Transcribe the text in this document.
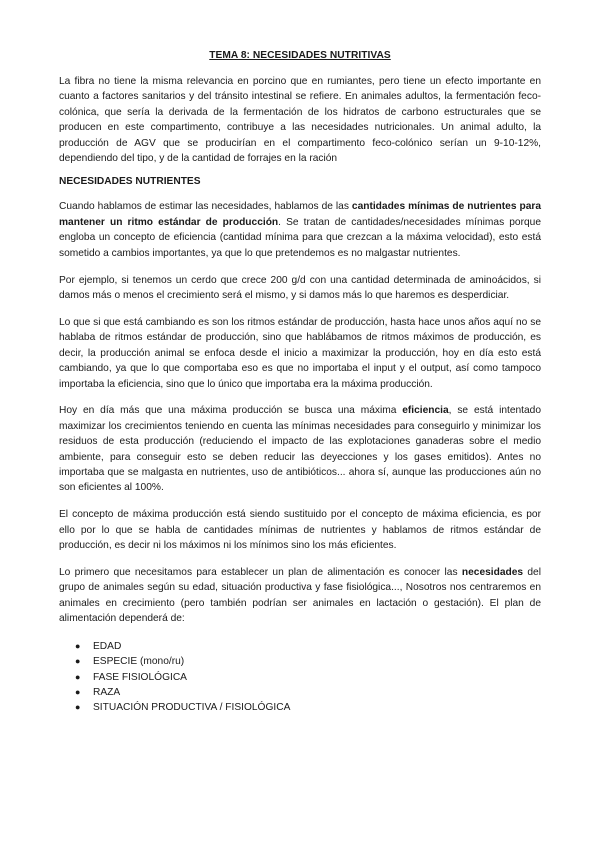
TEMA 8: NECESIDADES NUTRITIVAS

La fibra no tiene la misma relevancia en porcino que en rumiantes, pero tiene un efecto importante en cuanto a factores sanitarios y del tránsito intestinal se refiere. En animales adultos, la fermentación feco-colónica, que sería la derivada de la fermentación de los hidratos de carbono estructurales que se producen en este compartimento, contribuye a las necesidades nutricionales. Un animal adulto, la producción de AGV que se producirían en el compartimento feco-colónico serían un 9-10-12%, dependiendo del tipo, y de la cantidad de forrajes en la ración

NECESIDADES NUTRIENTES

Cuando hablamos de estimar las necesidades, hablamos de las cantidades mínimas de nutrientes para mantener un ritmo estándar de producción. Se tratan de cantidades/necesidades mínimas porque engloba un concepto de eficiencia (cantidad mínima para que crezcan a la máxima velocidad), esto está sometido a cambios importantes, ya que lo que pretendemos es no malgastar nutrientes.

Por ejemplo, si tenemos un cerdo que crece 200 g/d con una cantidad determinada de aminoácidos, si damos más o menos el crecimiento será el mismo, y si damos más lo que haremos es desperdiciar.

Lo que si que está cambiando es son los ritmos estándar de producción, hasta hace unos años aquí no se hablaba de ritmos estándar de producción, sino que hablábamos de ritmos máximos de producción, es decir, la producción animal se enfoca desde el inicio a maximizar la producción, hoy en día esto está cambiando, ya que lo que comportaba eso es que no importaba el input y el output, así como tampoco importaba la eficiencia, sino que lo único que importaba era la máxima producción.

Hoy en día más que una máxima producción se busca una máxima eficiencia, se está intentado maximizar los crecimientos teniendo en cuenta las mínimas necesidades para conseguirlo y minimizar los residuos de esta producción (reduciendo el impacto de las explotaciones ganaderas sobre el medio ambiente, para conseguir esto se deben reducir las deyecciones y los gases emitidos). Antes no importaba que se malgasta en nutrientes, uso de antibióticos... ahora sí, aunque las producciones aún no son eficientes al 100%.

El concepto de máxima producción está siendo sustituido por el concepto de máxima eficiencia, es por ello por lo que se habla de cantidades mínimas de nutrientes y hablamos de ritmos estándar de producción, es decir ni los máximos ni los mínimos sino los más eficientes.

Lo primero que necesitamos para establecer un plan de alimentación es conocer las necesidades del grupo de animales según su edad, situación productiva y fase fisiológica..., Nosotros nos centraremos en animales en crecimiento (pero también podrían ser animales en lactación o gestación). El plan de alimentación dependerá de:

● EDAD
● ESPECIE (mono/ru)
● FASE FISIOLÓGICA
● RAZA
● SITUACIÓN PRODUCTIVA / FISIOLÓGICA
